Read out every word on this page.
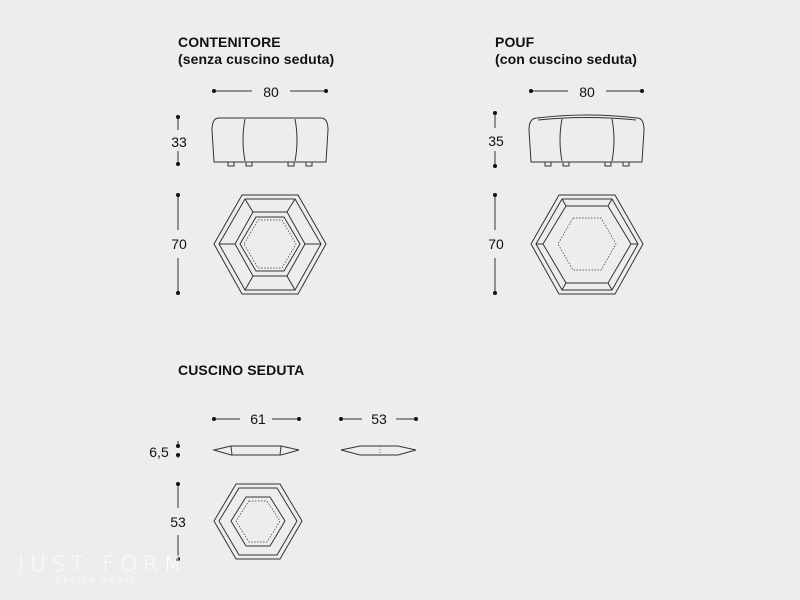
CONTENITORE
(senza cuscino seduta)
POUF
(con cuscino seduta)
CUSCINO SEDUTA
80
33
70
80
35
70
61	53
6,5
53
JUST·FORM
DESIGN HOUSE
